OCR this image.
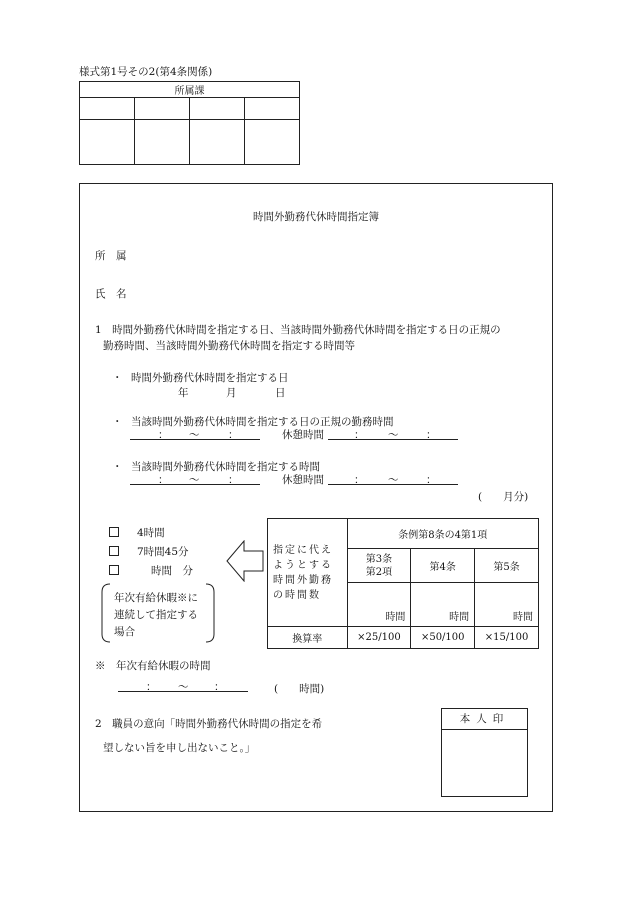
様式第1号その2(第4条関係)
所属課			

時間外勤務代休時間指定簿
所　属
氏　名
1　時間外勤務代休時間を指定する日、当該時間外勤務代休時間を指定する日の正規の
勤務時間、当該時間外勤務代休時間を指定する時間等
・ 時間外勤務代休時間を指定する日
年	月	日
・ 当該時間外勤務代休時間を指定する日の正規の勤務時間
： 〜	：	休憩時間	： 〜	：
・ 当該時間外勤務代休時間を指定する時間
： 〜	：	休憩時間	： 〜	：
(　　月分)
4時間
7時間45分
時間　分
年次有給休暇※に
連続して指定する
場合
指定に代え
ようとする
時間外勤務
の時間数	条例第8条の4第1項		

	第3条
第2項	第4条	第5条
	時間	時間	時間
換算率	×25/100	×50/100	×15/100
※　年次有給休暇の時間
： 〜 ：	(　　時間)
2　職員の意向「時間外勤務代休時間の指定を希
望しない旨を申し出ないこと。」
本人印
